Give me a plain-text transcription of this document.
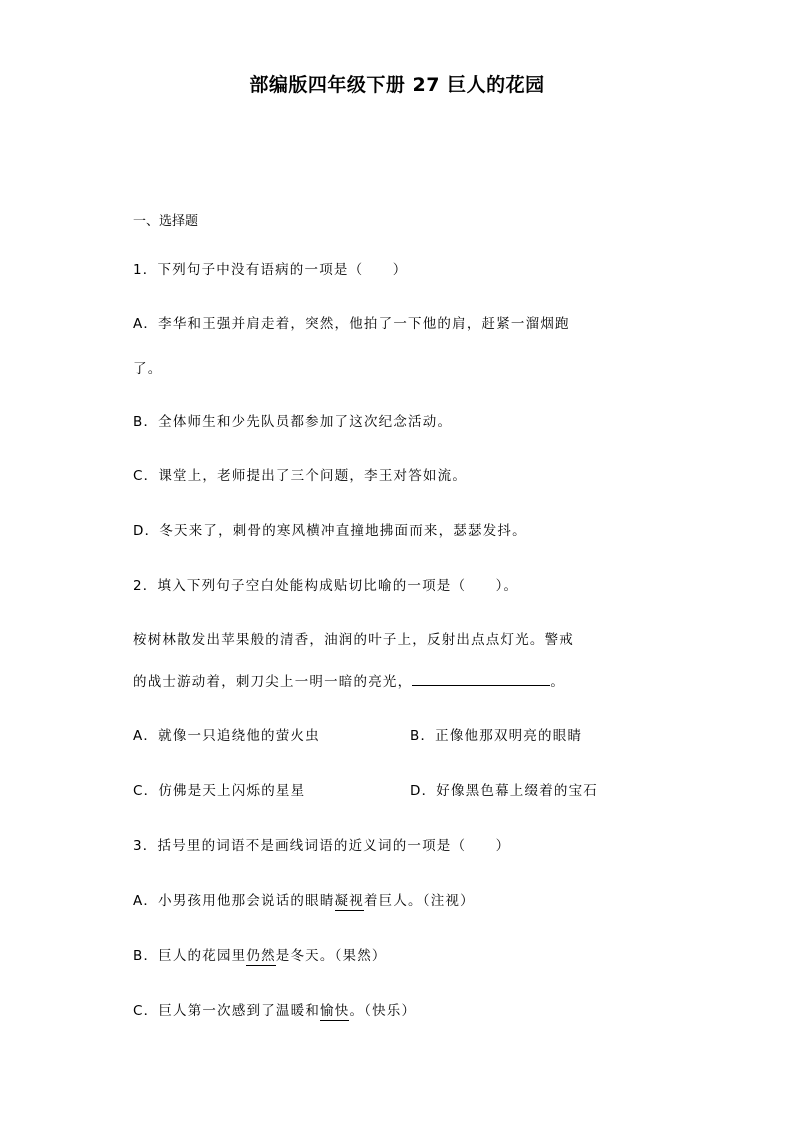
部编版四年级下册 27 巨人的花园
一、选择题
1．下列句子中没有语病的一项是（　　）
A．李华和王强并肩走着，突然，他拍了一下他的肩，赶紧一溜烟跑
了。
B．全体师生和少先队员都参加了这次纪念活动。
C．课堂上，老师提出了三个问题，李王对答如流。
D．冬天来了，刺骨的寒风横冲直撞地拂面而来，瑟瑟发抖。
2．填入下列句子空白处能构成贴切比喻的一项是（　　）。
桉树林散发出苹果般的清香，油润的叶子上，反射出点点灯光。警戒
的战士游动着，刺刀尖上一明一暗的亮光，	。
A．就像一只追绕他的萤火虫	B．正像他那双明亮的眼睛
C．仿佛是天上闪烁的星星	D．好像黑色幕上缀着的宝石
3．括号里的词语不是画线词语的近义词的一项是（　　）
A．小男孩用他那会说话的眼睛凝视着巨人。（注视）
B．巨人的花园里仍然是冬天。（果然）
C．巨人第一次感到了温暖和愉快。（快乐）
